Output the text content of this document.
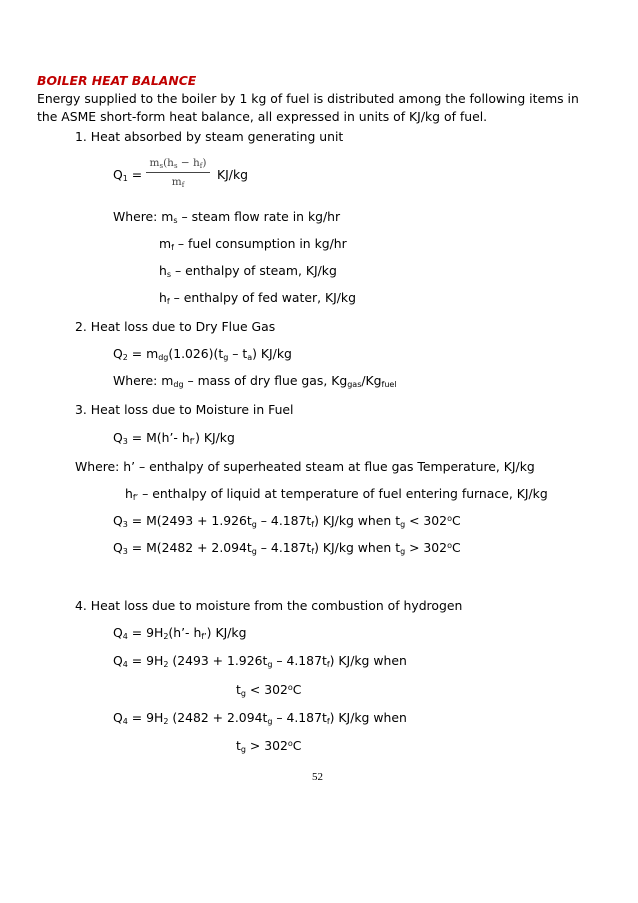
BOILER HEAT BALANCE
Energy supplied to the boiler by 1 kg of fuel is distributed among the following items in
the ASME short-form heat balance, all expressed in units of KJ/kg of fuel.
1. Heat absorbed by steam generating unit
$Q_1$ =
$m_s(h_s - h_f)$
$m_f$
KJ/kg
Where: $m_s$ – steam flow rate in kg/hr
$m_f$ – fuel consumption in kg/hr
$h_s$ – enthalpy of steam, KJ/kg
$h_f$ – enthalpy of fed water, KJ/kg
2. Heat loss due to Dry Flue Gas
$Q_2 = m_{dg}(1.026)(t_g - t_a)$ KJ/kg
Where: $m_{dg}$ – mass of dry flue gas, $Kg_{gas}/Kg_{fuel}$
3. Heat loss due to Moisture in Fuel
$Q_3$ = M(h’- $h_{f’}$) KJ/kg
Where: h’ – enthalpy of superheated steam at flue gas Temperature, KJ/kg
$h_{f’}$ – enthalpy of liquid at temperature of fuel entering furnace, KJ/kg
$Q_3 = M(2493 + 1.926t_g - 4.187t_f)$ KJ/kg when $t_g < 302^oC$
$Q_3 = M(2482 + 2.094t_g - 4.187t_f)$ KJ/kg when $t_g > 302^oC$
4. Heat loss due to moisture from the combustion of hydrogen
$Q_4$ = $9H_2(h’-$ $h_{f’}$) KJ/kg
$Q_4 = 9H_2$ $(2493 + 1.926t_g - 4.187t_f)$ KJ/kg when
$t_g < 302^oC$
$Q_4 = 9H_2$ $(2482 + 2.094t_g - 4.187t_f)$ KJ/kg when
$t_g > 302^oC$
52
